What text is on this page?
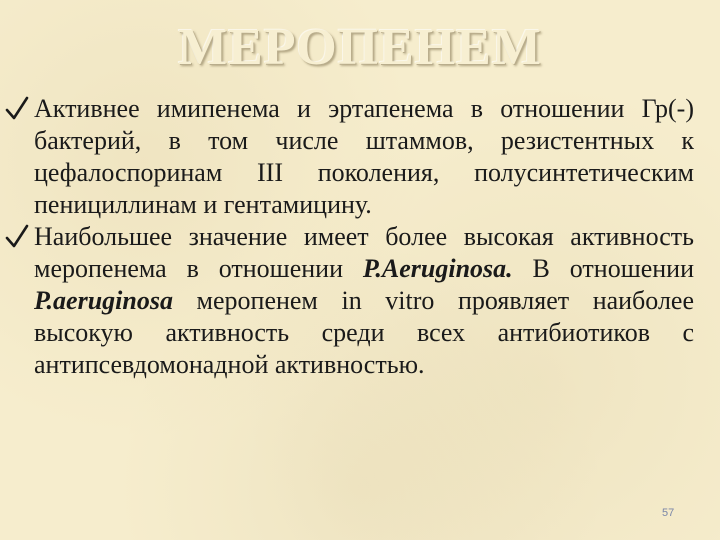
МЕРОПЕНЕМ
Активнее имипенема и эртапенема в отношении Гр(-) бактерий, в том числе штаммов, резистентных к цефалоспоринам III поколения, полусинтетическим пенициллинам и гентамицину.
Наибольшее значение имеет более высокая активность меропенема в отношении P.Aeruginosa. В отношении P.aeruginosa меропенем in vitro проявляет наиболее высокую активность среди всех антибиотиков с антипсевдомонадной активностью.
57
